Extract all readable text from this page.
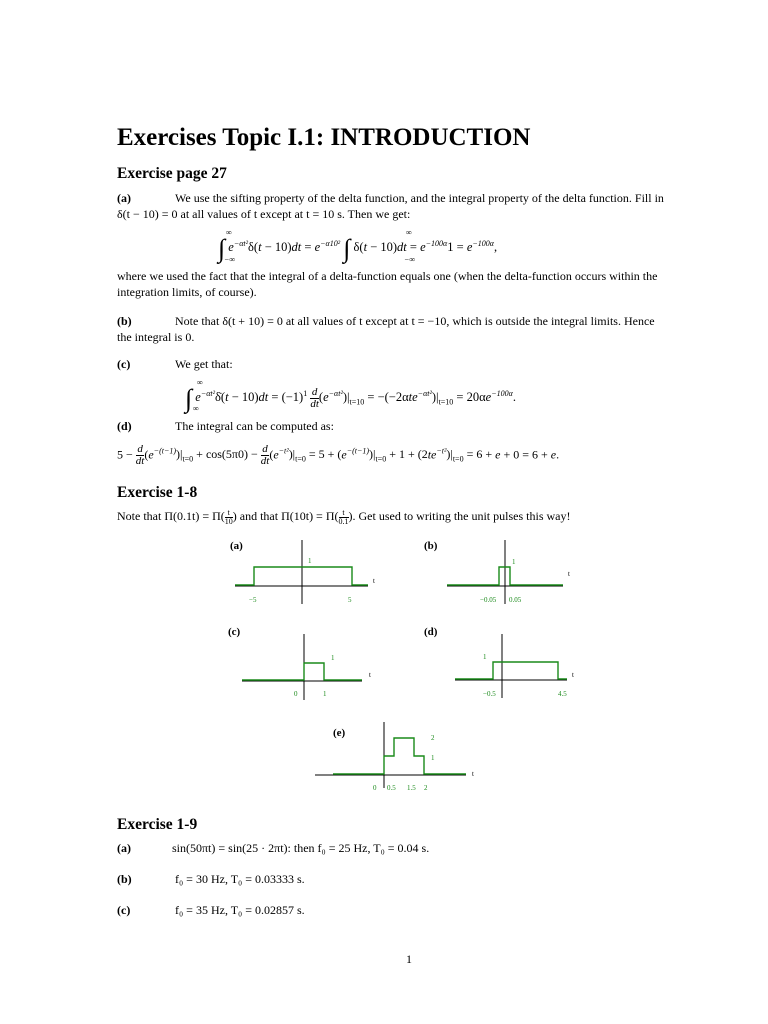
Exercises Topic I.1: INTRODUCTION
Exercise page 27
(a)	We use the sifting property of the delta function, and the integral property of the delta function. Fill in
δ(t − 10) = 0 at all values of t except at t = 10 s. Then we get:
∫ $e^{-\alpha t^2}\delta(t - 10)dt = e^{-\alpha 10^2}$ ∫ $\delta(t - 10)dt = e^{-100\alpha}1 = e^{-100\alpha}$,
∞
−∞
∞
−∞
where we used the fact that the integral of a delta-function equals one (when the delta-function occurs within the
integration limits, of course).
(b)	Note that δ(t + 10) = 0 at all values of t except at t = −10, which is outside the integral limits. Hence
the integral is 0.
(c)	We get that:
∫ $e^{-\alpha t^2}\deltȧ(t - 10)dt = (-1)^1 \frac{d}{dt} (e^{-\alpha t^2})|_{t=10} = -(-2\alpha te^{-\alpha t^2})|_{t=10} = 20\alpha e^{-100\alpha}$.
∞
∞
(d)	The integral can be computed as:
$5 - \frac{d}{dt} (e^{-(t-1)})|_{t=0} + \cos(5\pi 0) - \frac{d}{dt} (e^{-t^2})|_{t=0} = 5 + (e^{-(t-1)})|_{t=0} + 1 + (2te^{-t^2})|_{t=0} = 6 + e + 0 = 6 + e$.
Exercise 1-8
Note that $\Pi(0.1t) = \Pi( \frac{t}{10}$ ) and that $\Pi(10t) = \Pi( \frac{t}{0.1}$ ). Get used to writing the unit pulses this way!
(a)
1
t
−5	5
(b)
1
t
−0.05 0.05
(c)
1
t
0	1
(d)
1
t
−0.5	4.5
(e)	2
1
t
0 0.5 1.5 2
Exercise 1-9
(a)	sin(50πt) = sin(25 · 2πt): then f₀ = 25 Hz, T₀ = 0.04 s.
(b)	f₀ = 30 Hz, T₀ = 0.03333 s.
(c)	f₀ = 35 Hz, T₀ = 0.02857 s.
1
